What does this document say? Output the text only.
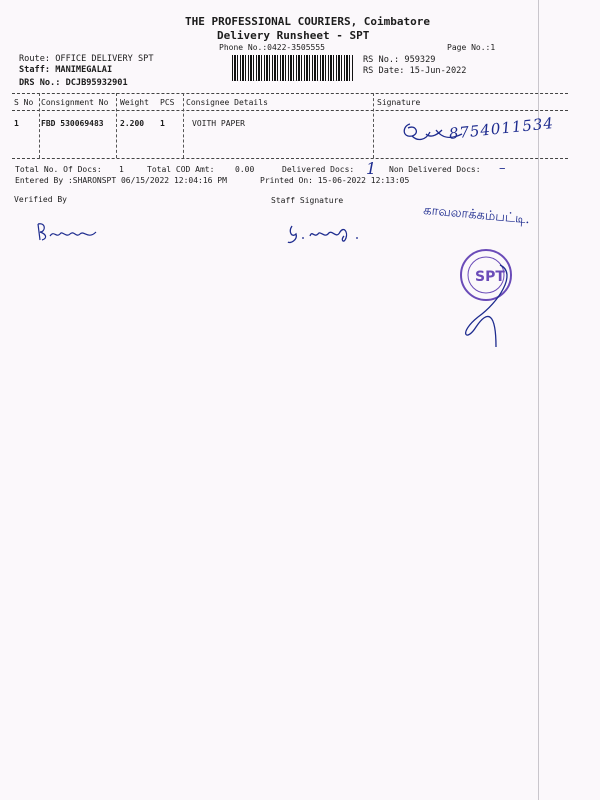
THE PROFESSIONAL COURIERS, Coimbatore
Delivery Runsheet - SPT
Phone No.:0422-3505555	Page No.:1
Route: OFFICE DELIVERY SPT
Staff: MANIMEGALAI
DRS No.: DCJB95932901
RS No.: 959329
RS Date: 15-Jun-2022
S No Consignment No Weight PCS Consignee Details	Signature
1	FBD 530069483 2.200 1	VOITH PAPER	8754011534
Total No. Of Docs: 1	Total COD Amt:	0.00	Delivered Docs: 1 Non Delivered Docs: –
Entered By :SHARONSPT 06/15/2022 12:04:16 PM	Printed On: 15-06-2022 12:13:05
Verified By	Staff Signature
காவலாக்கம்பட்டி.
SPT
